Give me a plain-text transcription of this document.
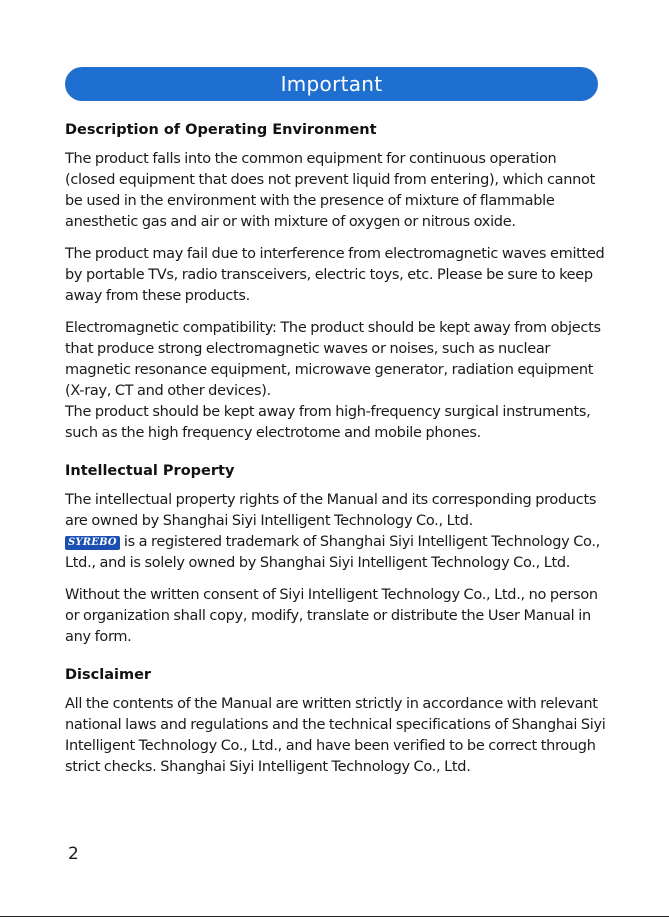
Important
Description of Operating Environment

The product falls into the common equipment for continuous operation (closed equipment that does not prevent liquid from entering), which cannot be used in the environment with the presence of mixture of flammable anesthetic gas and air or with mixture of oxygen or nitrous oxide.

The product may fail due to interference from electromagnetic waves emitted by portable TVs, radio transceivers, electric toys, etc. Please be sure to keep away from these products.

Electromagnetic compatibility: The product should be kept away from objects that produce strong electromagnetic waves or noises, such as nuclear magnetic resonance equipment, microwave generator, radiation equipment (X-ray, CT and other devices).

The product should be kept away from high-frequency surgical instruments, such as the high frequency electrotome and mobile phones.

Intellectual Property

The intellectual property rights of the Manual and its corresponding products are owned by Shanghai Siyi Intelligent Technology Co., Ltd.
SYREBO is a registered trademark of Shanghai Siyi Intelligent Technology Co., Ltd., and is solely owned by Shanghai Siyi Intelligent Technology Co., Ltd.

Without the written consent of Siyi Intelligent Technology Co., Ltd., no person or organization shall copy, modify, translate or distribute the User Manual in any form.

Disclaimer

All the contents of the Manual are written strictly in accordance with relevant national laws and regulations and the technical specifications of Shanghai Siyi Intelligent Technology Co., Ltd., and have been verified to be correct through strict checks. Shanghai Siyi Intelligent Technology Co., Ltd.

2
